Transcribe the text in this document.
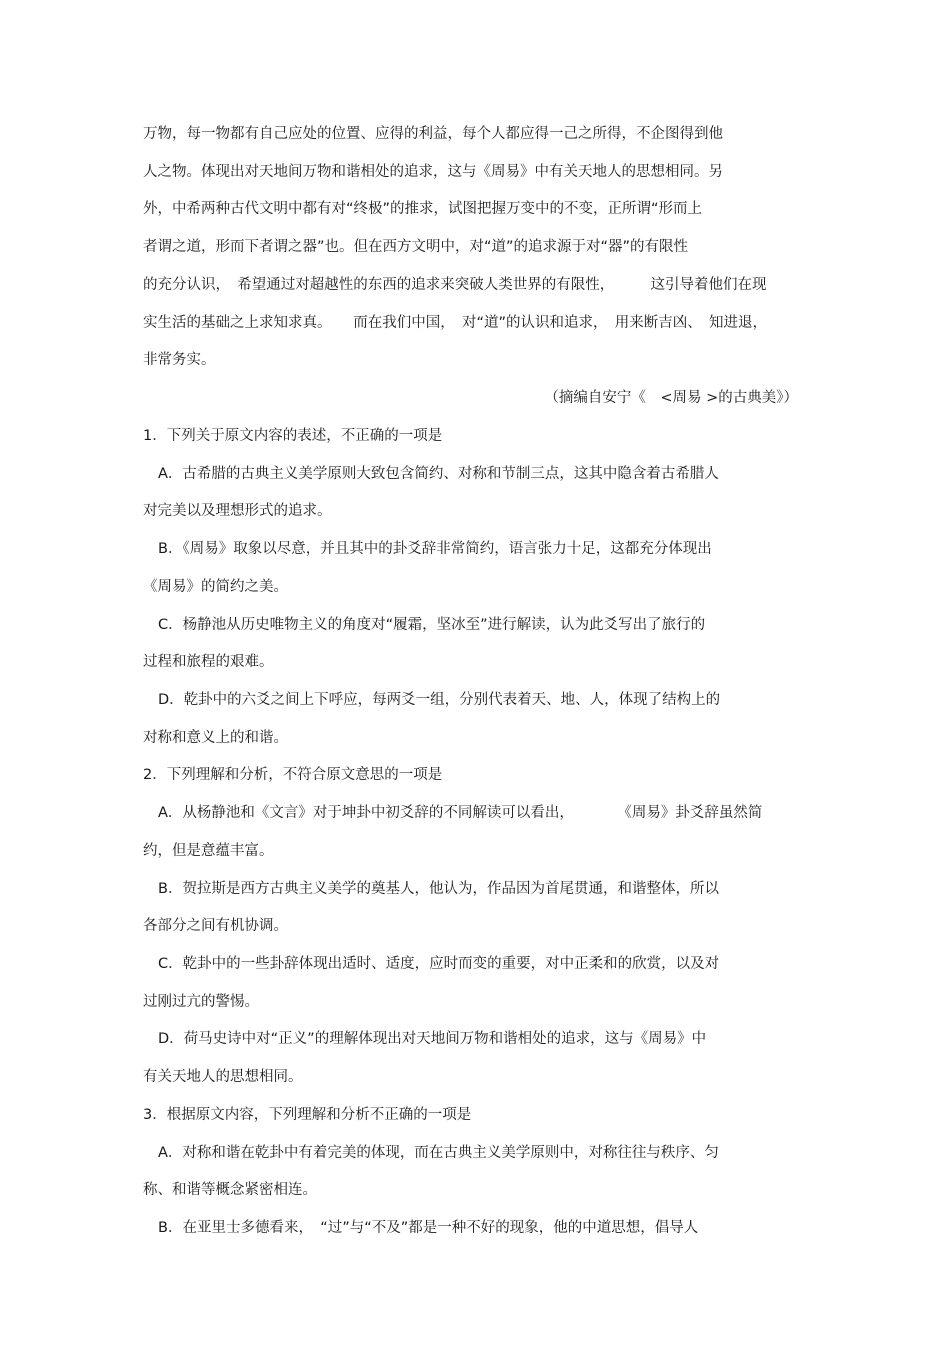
万物，每一物都有自己应处的位置、应得的利益，每个人都应得一己之所得，不企图得到他

人之物。体现出对天地间万物和谐相处的追求，这与《周易》中有关天地人的思想相同。另

外，中希两种古代文明中都有对“终极”的推求，试图把握万变中的不变，正所谓“形而上

者谓之道，形而下者谓之器”也。但在西方文明中，对“道”的追求源于对“器”的有限性

的充分认识，　希望通过对超越性的东西的追求来突破人类世界的有限性，　　　这引导着他们在现

实生活的基础之上求知求真。　　而在我们中国，　对“道”的认识和追求，　用来断吉凶、　知进退，

非常务实。

（摘编自安宁《　<周易 >的古典美》）

1．下列关于原文内容的表述，不正确的一项是

A．古希腊的古典主义美学原则大致包含简约、对称和节制三点，这其中隐含着古希腊人

对完美以及理想形式的追求。

B．《周易》取象以尽意，并且其中的卦爻辞非常简约，语言张力十足，这都充分体现出

《周易》的简约之美。

C．杨静池从历史唯物主义的角度对“履霜，坚冰至”进行解读，认为此爻写出了旅行的

过程和旅程的艰难。

D．乾卦中的六爻之间上下呼应，每两爻一组，分别代表着天、地、人，体现了结构上的

对称和意义上的和谐。

2．下列理解和分析，不符合原文意思的一项是

A．从杨静池和《文言》对于坤卦中初爻辞的不同解读可以看出，　　　　《周易》卦爻辞虽然简

约，但是意蕴丰富。

B．贺拉斯是西方古典主义美学的奠基人，他认为，作品因为首尾贯通，和谐整体，所以

各部分之间有机协调。

C．乾卦中的一些卦辞体现出适时、适度，应时而变的重要，对中正柔和的欣赏，以及对

过刚过亢的警惕。

D．荷马史诗中对“正义”的理解体现出对天地间万物和谐相处的追求，这与《周易》中

有关天地人的思想相同。

3．根据原文内容，下列理解和分析不正确的一项是

A．对称和谐在乾卦中有着完美的体现，而在古典主义美学原则中，对称往往与秩序、匀

称、和谐等概念紧密相连。

B．在亚里士多德看来，　“过”与“不及”都是一种不好的现象，他的中道思想，倡导人
